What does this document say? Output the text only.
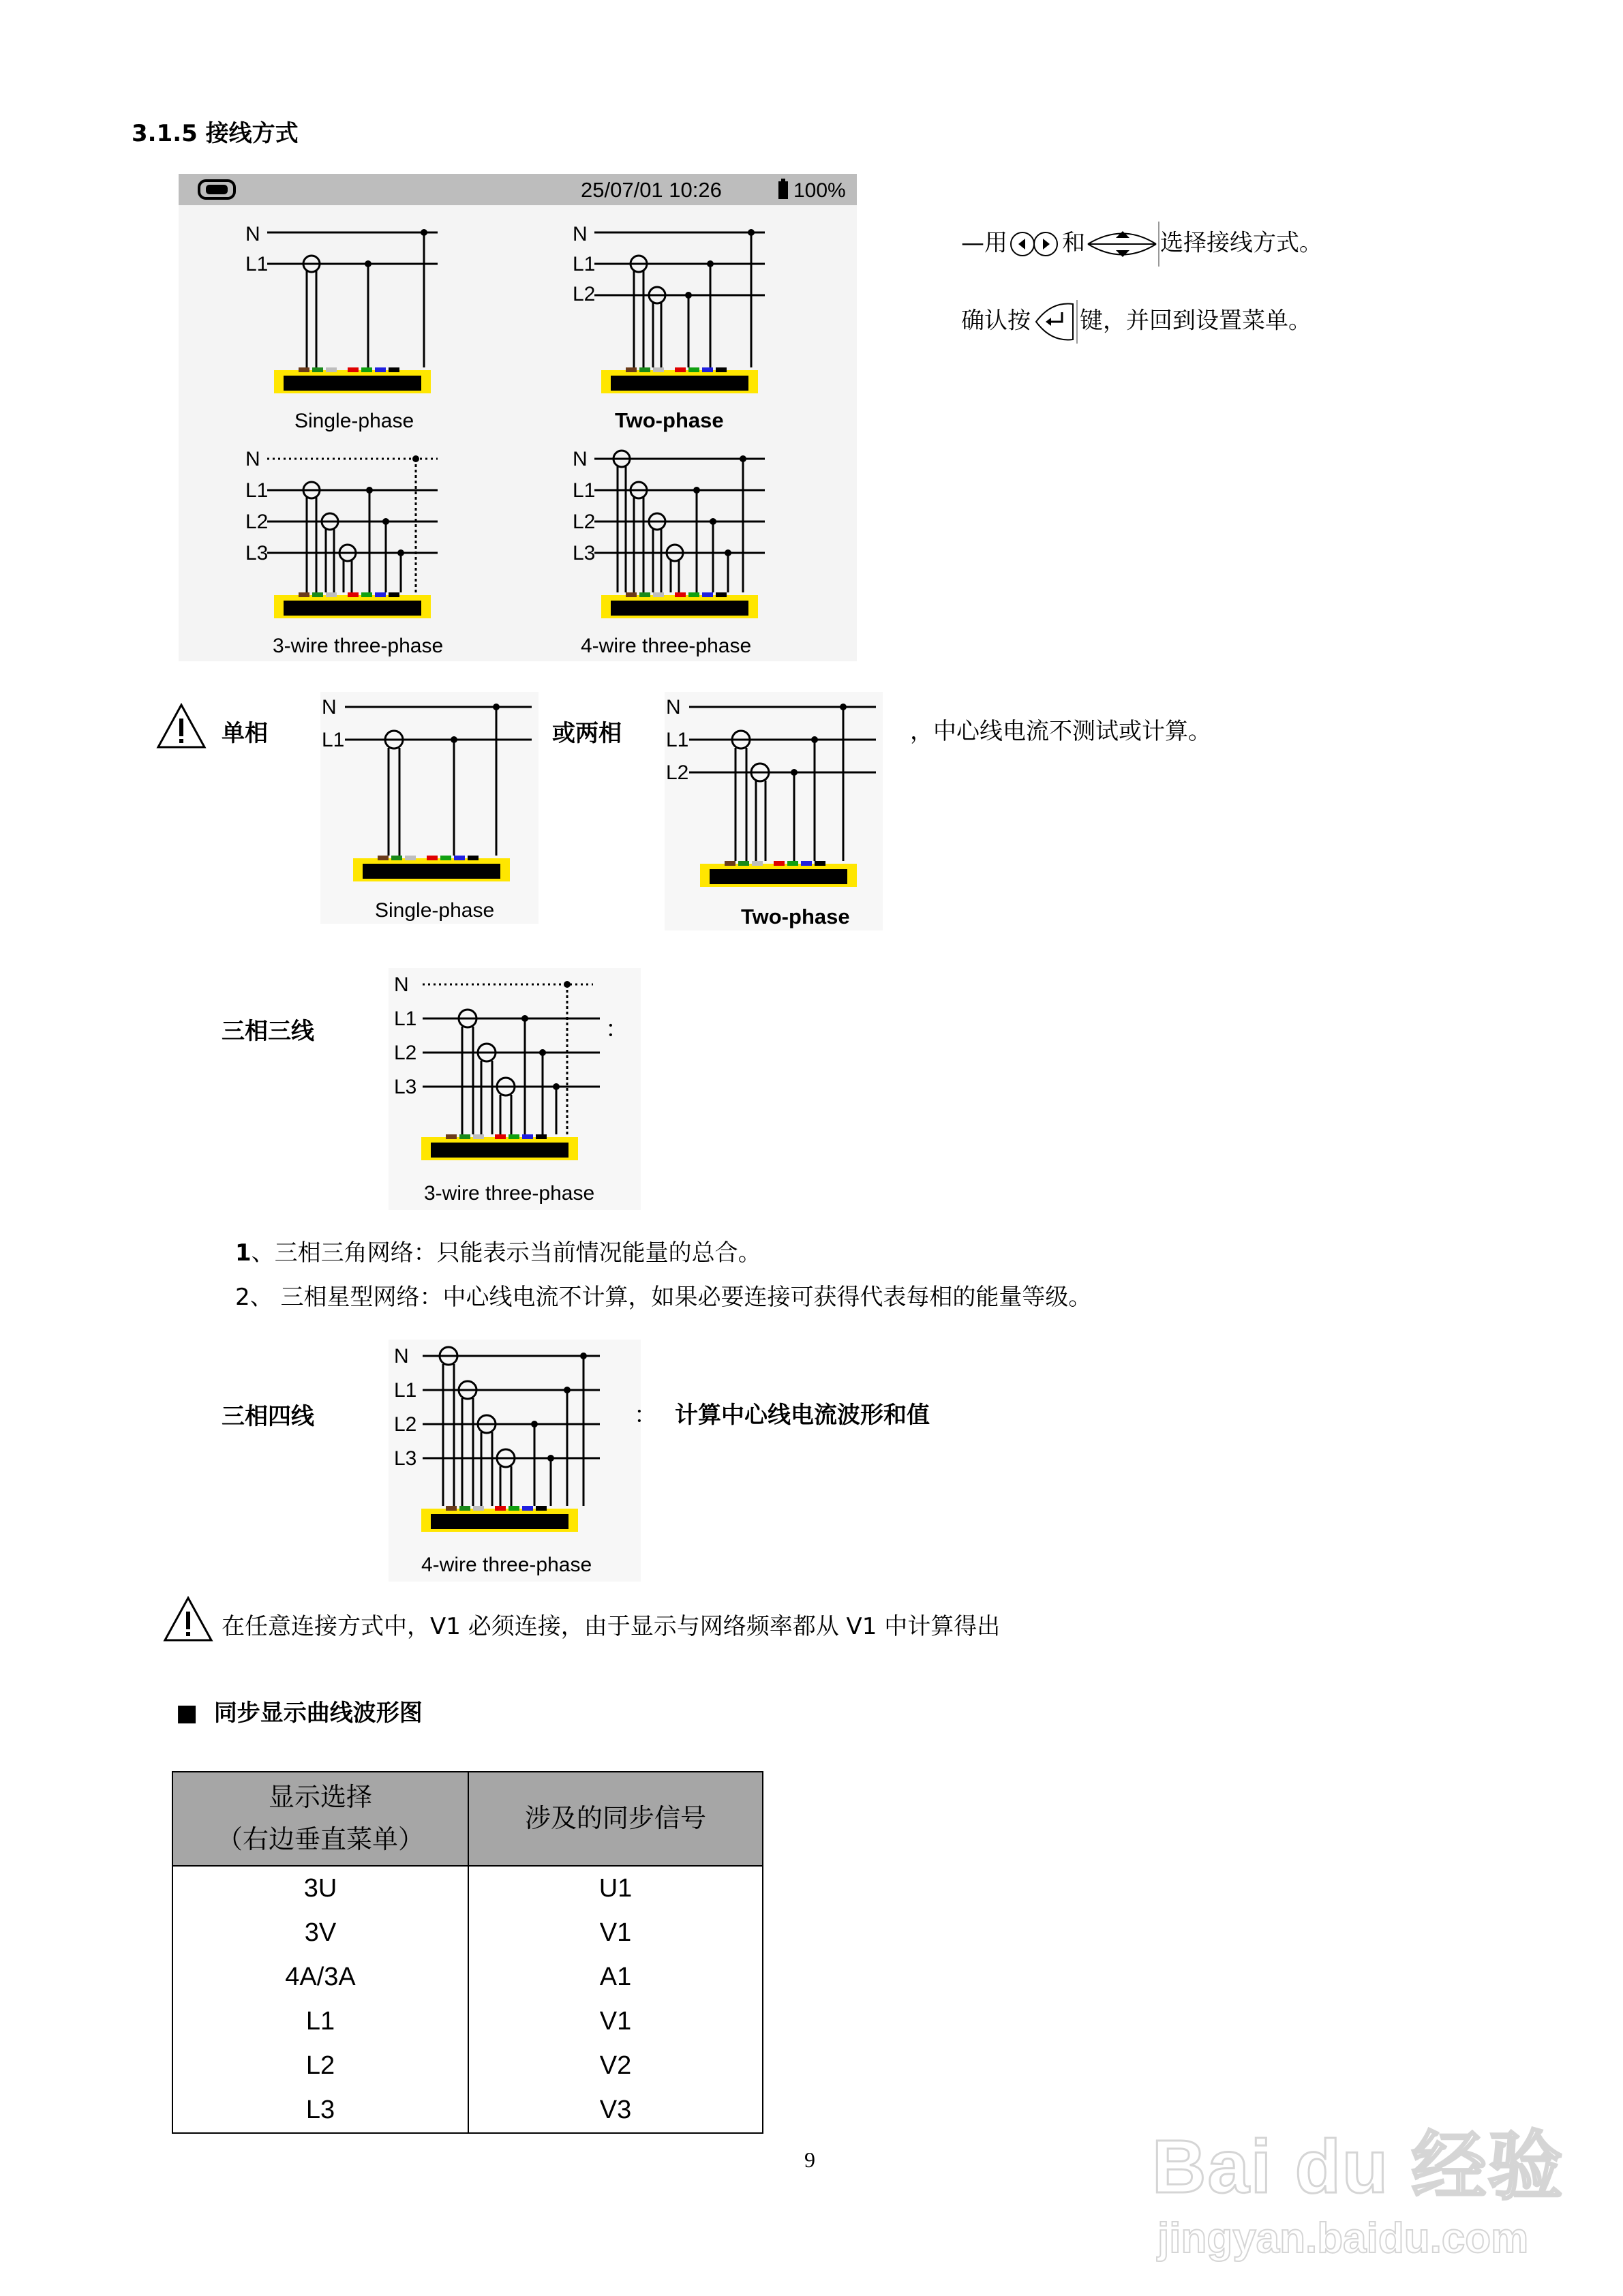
3.1.5 接线方式
25/07/01 10:26	100%
N
L1
Single-phase
N
L1
L2
Two-phase
N
L1
L2
L3
3-wire three-phase
N
L1
L2
L3
4-wire three-phase
—用 和	选择接线方式。
确认按 键，并回到设置菜单。
单相
N
L1
Single-phase
或两相
N
L1
L2
Two-phase
，中心线电流不测试或计算。
三相三线
N
L1
L2
L3
3-wire three-phase
：
1、三相三角网络：只能表示当前情况能量的总合。
2、 三相星型网络：中心线电流不计算，如果必要连接可获得代表每相的能量等级。
三相四线
N
L1
L2
L3
4-wire three-phase
： 计算中心线电流波形和值
在任意连接方式中，V1 必须连接，由于显示与网络频率都从 V1 中计算得出
■ 同步显示曲线波形图
显示选择
（右边垂直菜单）	涉及的同步信号
3U	U1
3V	V1
4A/3A	A1
L1	V1
L2	V2
L3	V3
9	Bai du 经验
jingyan.baidu.com
